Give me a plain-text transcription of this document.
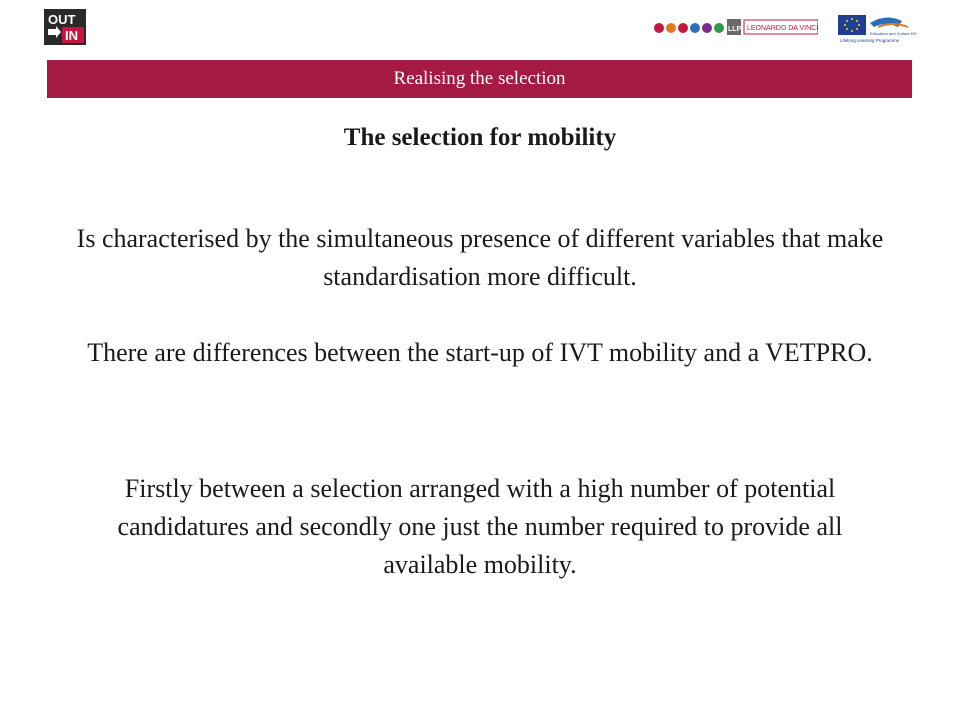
OUT
IN	LLP LEONARDO DA VINCI
Education and Culture DG
Lifelong Learning Programme
Realising the selection
The selection for mobility
Is characterised by the simultaneous presence of different variables that make standardisation more difficult.
There are differences between the start-up of IVT mobility and a VETPRO.
Firstly between a selection arranged with a high number of potential candidatures and secondly one just the number required to provide all available mobility.
